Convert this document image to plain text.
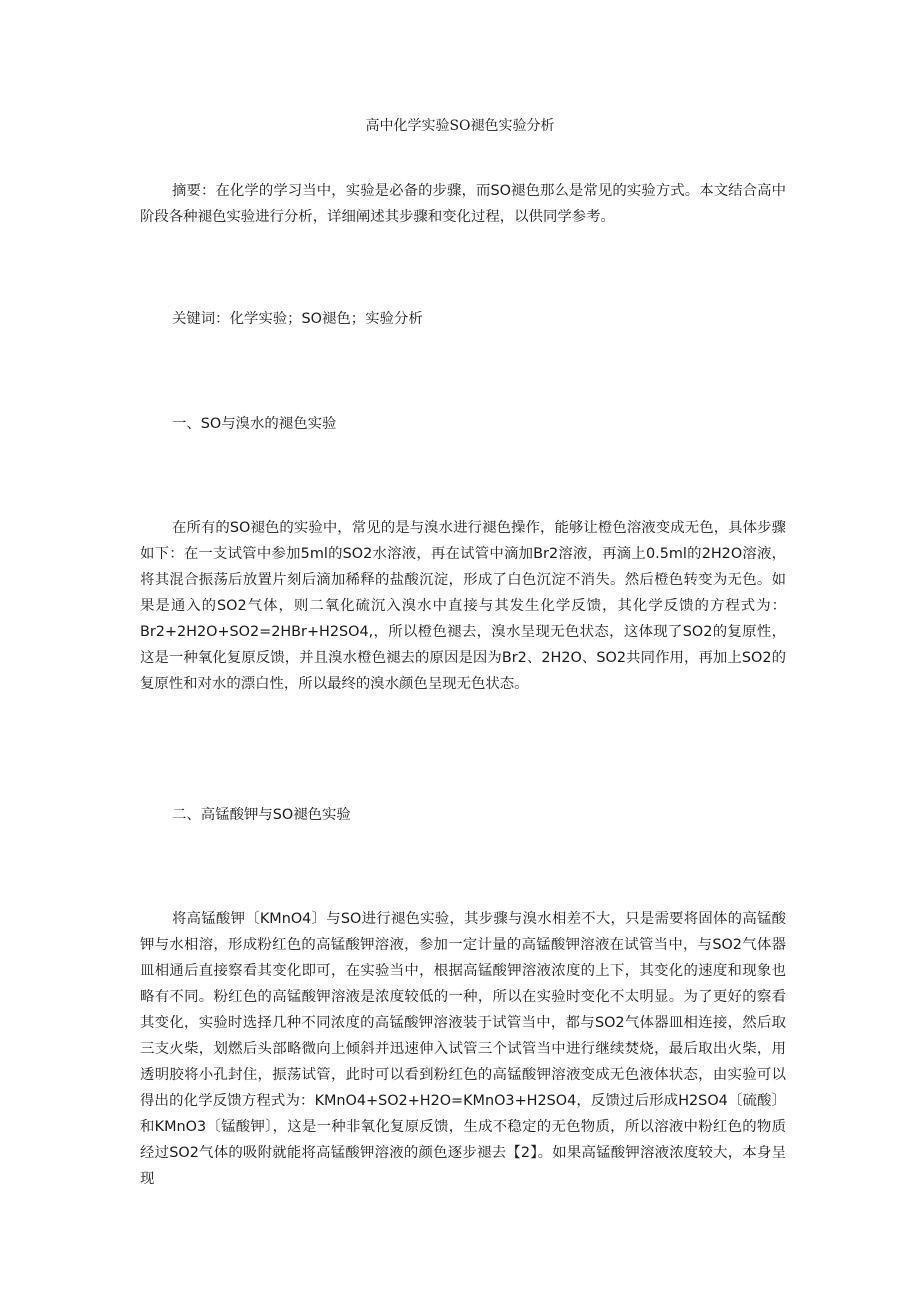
高中化学实验SO褪色实验分析

摘要：在化学的学习当中，实验是必备的步骤，而SO褪色那么是常见的实验方式。本文结合高中阶段各种褪色实验进行分析，详细阐述其步骤和变化过程，以供同学参考。

关键词：化学实验；SO褪色；实验分析

一、SO与溴水的褪色实验

在所有的SO褪色的实验中，常见的是与溴水进行褪色操作，能够让橙色溶液变成无色，具体步骤如下：在一支试管中参加5ml的SO2水溶液，再在试管中滴加Br2溶液，再滴上0.5ml的2H2O溶液，将其混合振荡后放置片刻后滴加稀释的盐酸沉淀，形成了白色沉淀不消失。然后橙色转变为无色。如果是通入的SO2气体，则二氧化硫沉入溴水中直接与其发生化学反馈，其化学反馈的方程式为：Br2+2H2O+SO2=2HBr+H2SO4,，所以橙色褪去，溴水呈现无色状态，这体现了SO2的复原性，这是一种氧化复原反馈，并且溴水橙色褪去的原因是因为Br2、2H2O、SO2共同作用，再加上SO2的复原性和对水的漂白性，所以最终的溴水颜色呈现无色状态。

二、高锰酸钾与SO褪色实验

将高锰酸钾〔KMnO4〕与SO进行褪色实验，其步骤与溴水相差不大，只是需要将固体的高锰酸钾与水相溶，形成粉红色的高锰酸钾溶液，参加一定计量的高锰酸钾溶液在试管当中，与SO2气体器皿相通后直接察看其变化即可，在实验当中，根据高锰酸钾溶液浓度的上下，其变化的速度和现象也略有不同。粉红色的高锰酸钾溶液是浓度较低的一种，所以在实验时变化不太明显。为了更好的察看其变化，实验时选择几种不同浓度的高锰酸钾溶液装于试管当中，都与SO2气体器皿相连接，然后取三支火柴，划燃后头部略微向上倾斜并迅速伸入试管三个试管当中进行继续焚烧，最后取出火柴，用透明胶将小孔封住，振荡试管，此时可以看到粉红色的高锰酸钾溶液变成无色液体状态，由实验可以得出的化学反馈方程式为：KMnO4+SO2+H2O=KMnO3+H2SO4，反馈过后形成H2SO4〔硫酸〕和KMnO3〔锰酸钾〕，这是一种非氧化复原反馈，生成不稳定的无色物质，所以溶液中粉红色的物质经过SO2气体的吸附就能将高锰酸钾溶液的颜色逐步褪去【2】。如果高锰酸钾溶液浓度较大，本身呈现
